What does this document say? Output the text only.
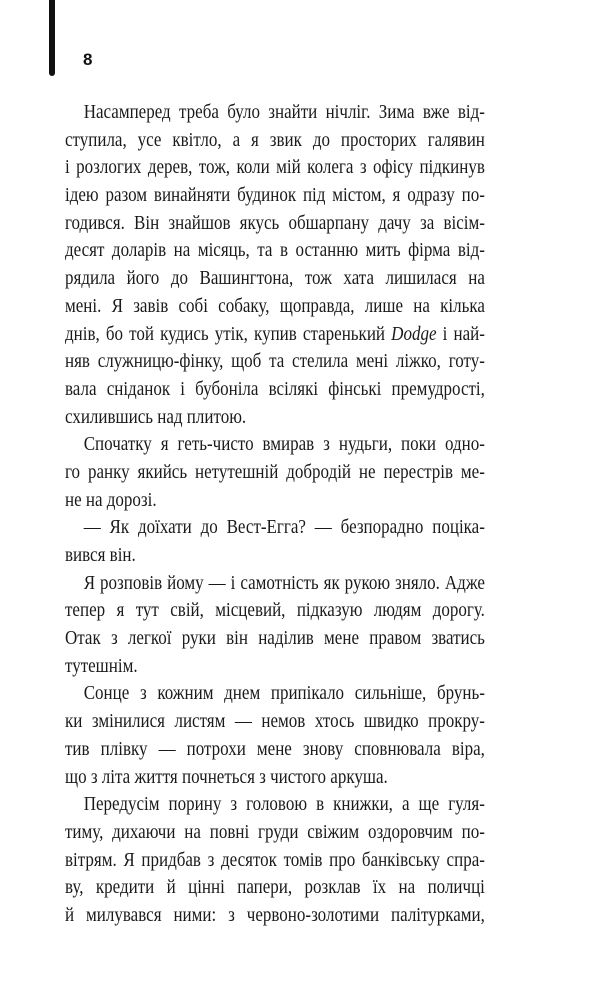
8
Насамперед треба було знайти нічліг. Зима вже від-
ступила, усе квітло, а я звик до просторих галявин
і розлогих дерев, тож, коли мій колега з офісу підкинув
ідею разом винайняти будинок під містом, я одразу по-
годився. Він знайшов якусь обшарпану дачу за вісім-
десят доларів на місяць, та в останню мить фірма від-
рядила його до Вашингтона, тож хата лишилася на
мені. Я завів собі собаку, щоправда, лише на кілька
днів, бо той кудись утік, купив старенький Dodge і най-
няв служницю-фінку, щоб та стелила мені ліжко, готу-
вала сніданок і бубоніла всілякі фінські премудрості,
схилившись над плитою.
Спочатку я геть-чисто вмирав з нудьги, поки одно-
го ранку якийсь нетутешній добродій не перестрів ме-
не на дорозі.
— Як доїхати до Вест-Егга? — безпорадно поціка-
вився він.
Я розповів йому — і самотність як рукою зняло. Адже
тепер я тут свій, місцевий, підказую людям дорогу.
Отак з легкої руки він наділив мене правом зватись
тутешнім.
Сонце з кожним днем припікало сильніше, брунь-
ки змінилися листям — немов хтось швидко прокру-
тив плівку — потрохи мене знову сповнювала віра,
що з літа життя почнеться з чистого аркуша.
Передусім порину з головою в книжки, а ще гуля-
тиму, дихаючи на повні груди свіжим оздоровчим по-
вітрям. Я придбав з десяток томів про банківську спра-
ву, кредити й цінні папери, розклав їх на поличці
й милувався ними: з червоно-золотими палітурками,
